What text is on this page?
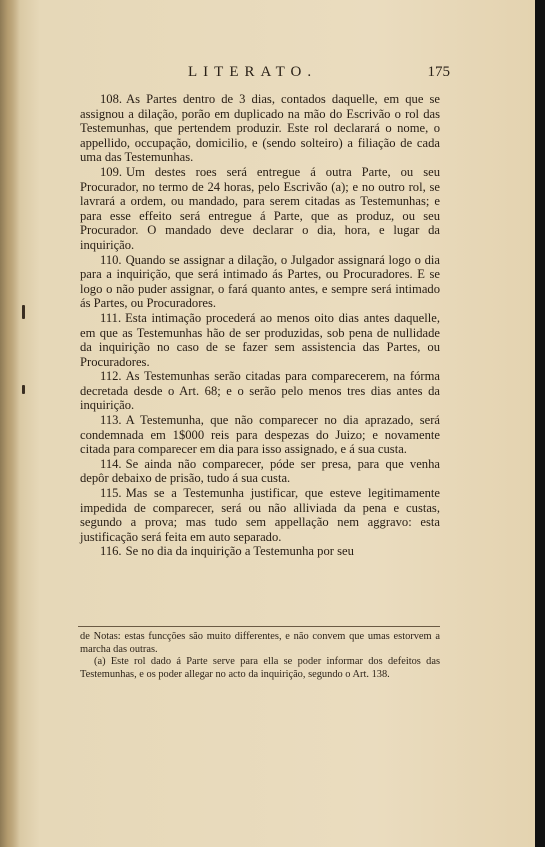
LITERATO.	175

108. As Partes dentro de 3 dias, contados daquelle, em que se assignou a dilação, porão em duplicado na mão do Escrivão o rol das Testemunhas, que pertendem produzir. Este rol declarará o nome, o appellido, occupação, domicilio, e (sendo solteiro) a filiação de cada uma das Testemunhas.

109. Um destes roes será entregue á outra Parte, ou seu Procurador, no termo de 24 horas, pelo Escrivão (a); e no outro rol, se lavrará a ordem, ou mandado, para serem citadas as Testemunhas; e para esse effeito será entregue á Parte, que as produz, ou seu Procurador. O mandado deve declarar o dia, hora, e lugar da inquirição.

110. Quando se assignar a dilação, o Julgador assignará logo o dia para a inquirição, que será intimado ás Partes, ou Procuradores. E se logo o não puder assignar, o fará quanto antes, e sempre será intimado ás Partes, ou Procuradores.

111. Esta intimação procederá ao menos oito dias antes daquelle, em que as Testemunhas hão de ser produzidas, sob pena de nullidade da inquirição no caso de se fazer sem assistencia das Partes, ou Procuradores.

112. As Testemunhas serão citadas para comparecerem, na fórma decretada desde o Art. 68; e o serão pelo menos tres dias antes da inquirição.

113. A Testemunha, que não comparecer no dia aprazado, será condemnada em 1$000 reis para despezas do Juizo; e novamente citada para comparecer em dia para isso assignado, e á sua custa.

114. Se ainda não comparecer, póde ser presa, para que venha depôr debaixo de prisão, tudo á sua custa.

115. Mas se a Testemunha justificar, que esteve legitimamente impedida de comparecer, será ou não alliviada da pena e custas, segundo a prova; mas tudo sem appellação nem aggravo: esta justificação será feita em auto separado.

116. Se no dia da inquirição a Testemunha por seu

de Notas: estas funcções são muito differentes, e não convem que umas estorvem a marcha das outras.

(a) Este rol dado á Parte serve para ella se poder informar dos defeitos das Testemunhas, e os poder allegar no acto da inquirição, segundo o Art. 138.
